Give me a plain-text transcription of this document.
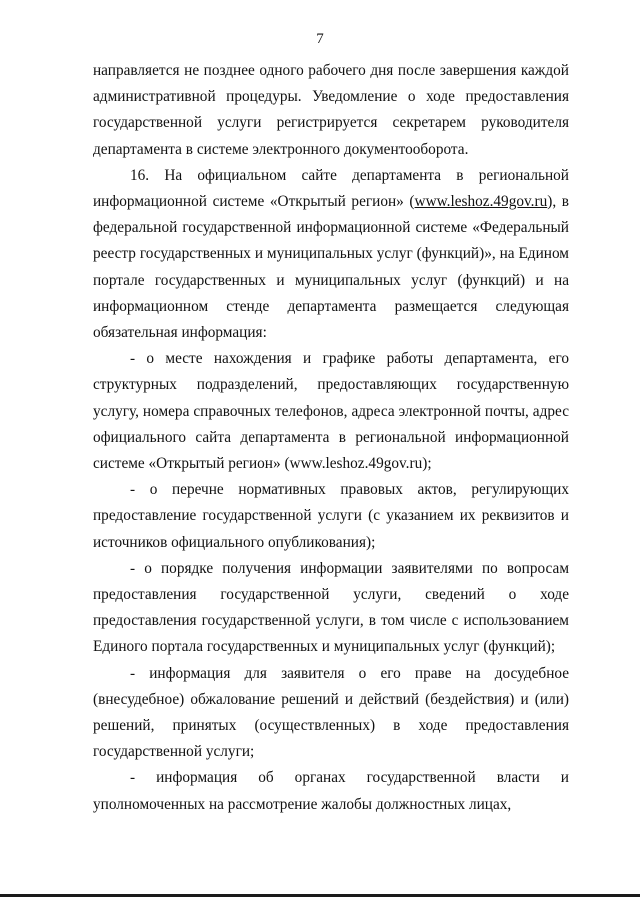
7

направляется не позднее одного рабочего дня после завершения каждой административной процедуры. Уведомление о ходе предоставления государственной услуги регистрируется секретарем руководителя департамента в системе электронного документооборота.

16. На официальном сайте департамента в региональной информационной системе «Открытый регион» (www.leshoz.49gov.ru), в федеральной государственной информационной системе «Федеральный реестр государственных и муниципальных услуг (функций)», на Едином портале государственных и муниципальных услуг (функций) и на информационном стенде департамента размещается следующая обязательная информация:

- о месте нахождения и графике работы департамента, его структурных подразделений, предоставляющих государственную услугу, номера справочных телефонов, адреса электронной почты, адрес официального сайта департамента в региональной информационной системе «Открытый регион» (www.leshoz.49gov.ru);

- о перечне нормативных правовых актов, регулирующих предоставление государственной услуги (с указанием их реквизитов и источников официального опубликования);

- о порядке получения информации заявителями по вопросам предоставления государственной услуги, сведений о ходе предоставления государственной услуги, в том числе с использованием Единого портала государственных и муниципальных услуг (функций);

- информация для заявителя о его праве на досудебное (внесудебное) обжалование решений и действий (бездействия) и (или) решений, принятых (осуществленных) в ходе предоставления государственной услуги;

- информация об органах государственной власти и уполномоченных на рассмотрение жалобы должностных лицах,
